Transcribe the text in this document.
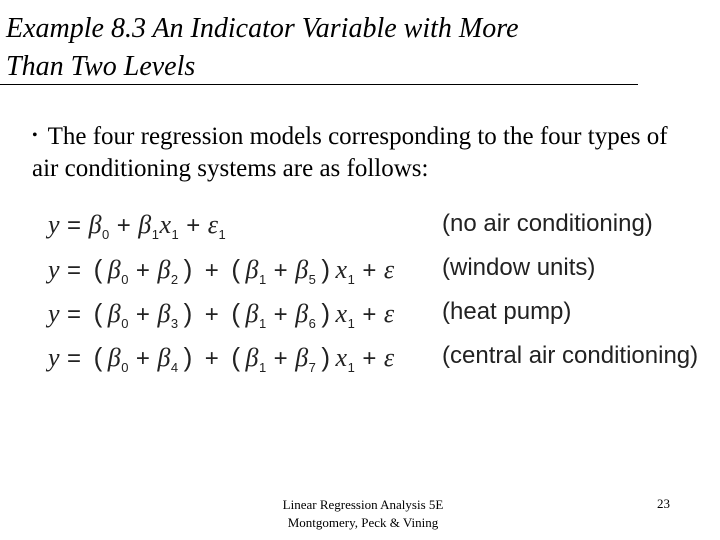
Example 8.3 An Indicator Variable with More
Than Two Levels
• The four regression models corresponding to the four types of air conditioning systems are as follows:
$y = \beta_0 + \beta_1x_1 + \varepsilon_1$	(no air conditioning)
y = ( $\beta_0 + \beta_2$ ) + ( $\beta_1 + \beta_5$ ) $x_1 + \varepsilon$ (window units)
y = ( $\beta_0 + \beta_3$ ) + ( $\beta_1 + \beta_6$ ) $x_1 + \varepsilon$ (heat pump)
y = ( $\beta_0 + \beta_4$ ) + ( $\beta_1 + \beta_7$ ) $x_1 + \varepsilon$ (central air conditioning)
Linear Regression Analysis 5E
Montgomery, Peck & Vining
23
